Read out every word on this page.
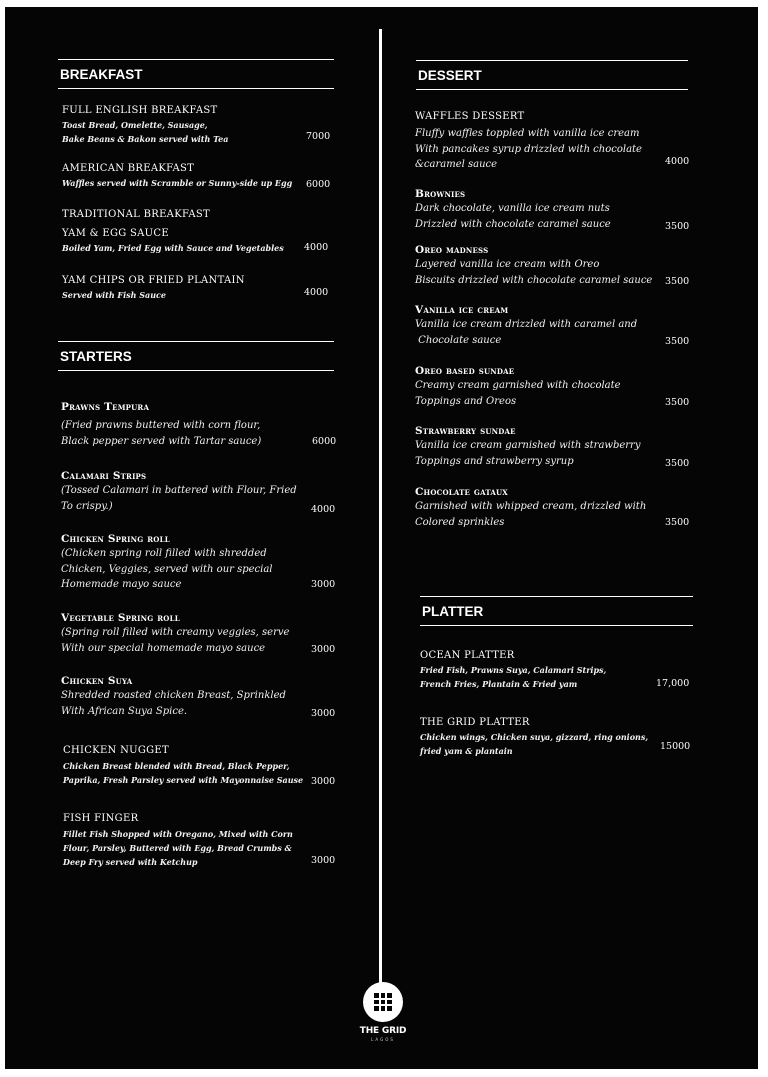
BREAKFAST
FULL ENGLISH BREAKFAST
Toast Bread, Omelette, Sausage,
Bake Beans & Bakon served with Tea	7000
AMERICAN BREAKFAST
Waffles served with Scramble or Sunny-side up Egg 6000
TRADITIONAL BREAKFAST
YAM & EGG SAUCE
Boiled Yam, Fried Egg with Sauce and Vegetables 4000
YAM CHIPS OR FRIED PLANTAIN
Served with Fish Sauce	4000
STARTERS
Prawns Tempura
(Fried prawns buttered with corn flour,
Black pepper served with Tartar sauce)	6000
Calamari Strips
(Tossed Calamari in battered with Flour, Fried
To crispy.)	4000
Chicken Spring roll
(Chicken spring roll filled with shredded
Chicken, Veggies, served with our special
Homemade mayo sauce	3000
Vegetable Spring roll
(Spring roll filled with creamy veggies, serve
With our special homemade mayo sauce	3000
Chicken Suya
Shredded roasted chicken Breast, Sprinkled
With African Suya Spice.	3000
CHICKEN NUGGET
Chicken Breast blended with Bread, Black Pepper,
Paprika, Fresh Parsley served with Mayonnaise Sause 3000
FISH FINGER
Fillet Fish Shopped with Oregano, Mixed with Corn
Flour, Parsley, Buttered with Egg, Bread Crumbs &
Deep Fry served with Ketchup	3000
DESSERT
WAFFLES DESSERT
Fluffy waffles toppled with vanilla ice cream
With pancakes syrup drizzled with chocolate
&caramel sauce	4000
Brownies
Dark chocolate, vanilla ice cream nuts
Drizzled with chocolate caramel sauce	3500
Oreo madness
Layered vanilla ice cream with Oreo
Biscuits drizzled with chocolate caramel sauce 3500
Vanilla ice cream
Vanilla ice cream drizzled with caramel and
Chocolate sauce	3500
Oreo based sundae
Creamy cream garnished with chocolate
Toppings and Oreos	3500
Strawberry sundae
Vanilla ice cream garnished with strawberry
Toppings and strawberry syrup	3500
Chocolate gataux
Garnished with whipped cream, drizzled with
Colored sprinkles	3500
PLATTER
OCEAN PLATTER
Fried Fish, Prawns Suya, Calamari Strips,
French Fries, Plantain & Fried yam	17,000
THE GRID PLATTER
Chicken wings, Chicken suya, gizzard, ring onions,
fried yam & plantain	15000
THE GRID
LAGOS
